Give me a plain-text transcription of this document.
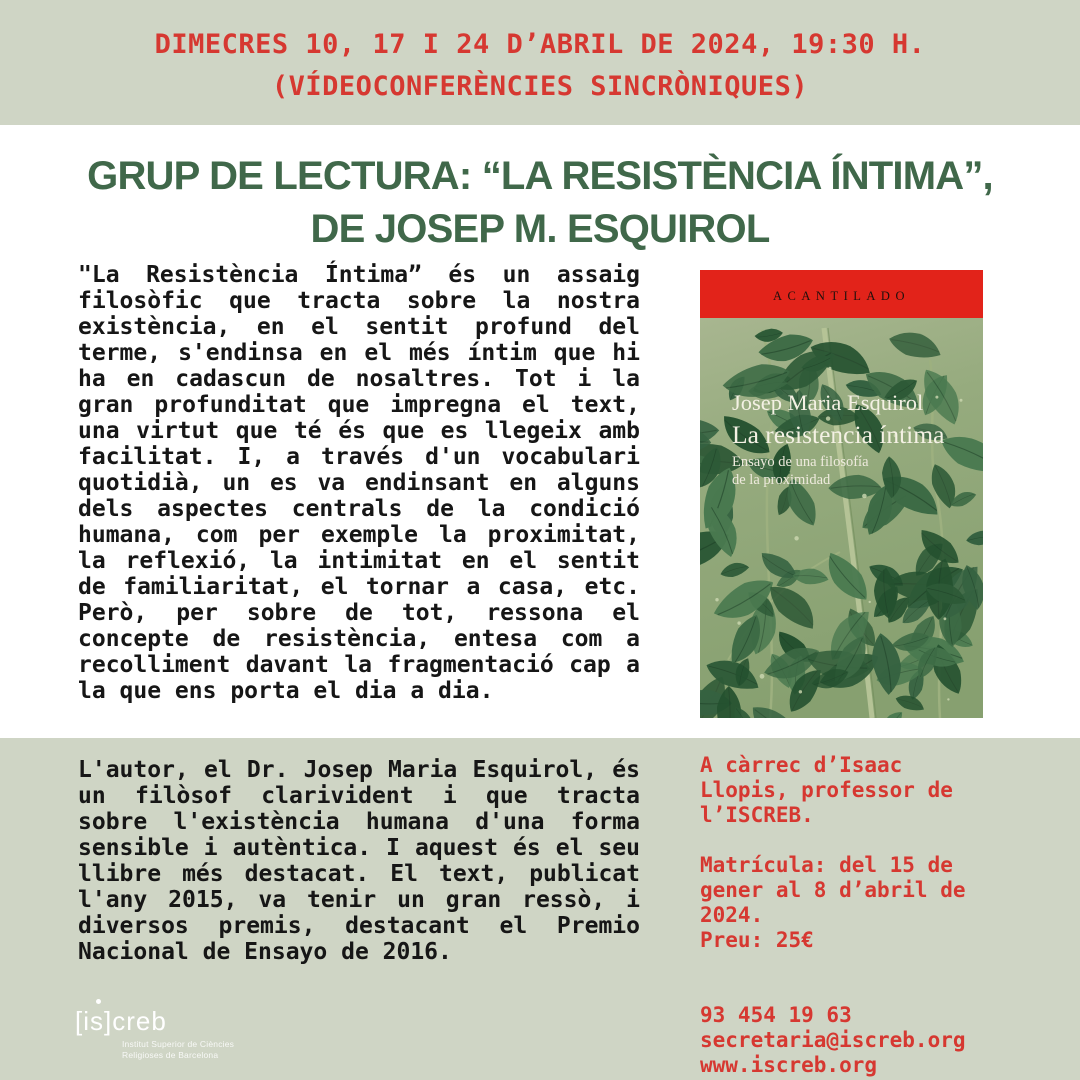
DIMECRES 10, 17 I 24 D’ABRIL DE 2024, 19:30 H.
(VÍDEOCONFERÈNCIES SINCRÒNIQUES)
GRUP DE LECTURA: “LA RESISTÈNCIA ÍNTIMA”,
DE JOSEP M. ESQUIROL

"La Resistència Íntima” és un assaig filosòfic que tracta sobre la nostra existència, en el sentit profund del terme, s'endinsa en el més íntim que hi ha en cadascun de nosaltres. Tot i la gran profunditat que impregna el text, una virtut que té és que es llegeix amb facilitat. I, a través d'un vocabulari quotidià, un es va endinsant en alguns dels aspectes centrals de la condició humana, com per exemple la proximitat, la reflexió, la intimitat en el sentit de familiaritat, el tornar a casa, etc. Però, per sobre de tot, ressona el concepte de resistència, entesa com a recolliment davant la fragmentació cap a la que ens porta el dia a dia.

ACANTILADO
Josep Maria Esquirol
La resistencia íntima
Ensayo de una filosofía
de la proximidad

L'autor, el Dr. Josep Maria Esquirol, és un filòsof clarivident i que tracta sobre l'existència humana d'una forma sensible i autèntica. I aquest és el seu llibre més destacat. El text, publicat l'any 2015, va tenir un gran ressò, i diversos premis, destacant el Premio Nacional de Ensayo de 2016.

A càrrec d’Isaac Llopis, professor de l’ISCREB.
Matrícula: del 15 de gener al 8 d’abril de 2024.
Preu: 25€
93 454 19 63
secretaria@iscreb.org
www.iscreb.org
[is]creb
Institut Superior de Ciències
Religioses de Barcelona
